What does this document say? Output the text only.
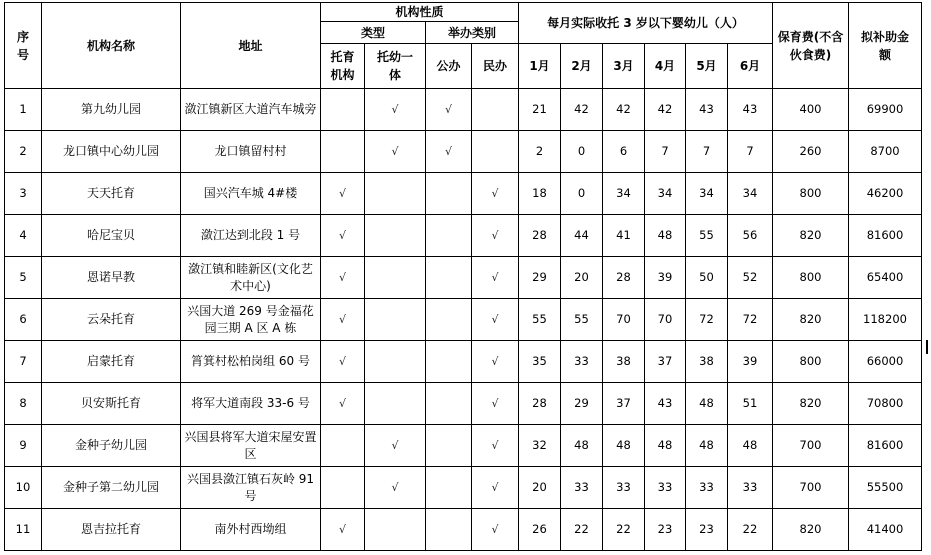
序号	机构名称	地址	机构性质				每月实际收托 3 岁以下婴幼儿（人）						保育费(不含伙食费)	拟补助金额
			类型		举办类别									
			托育机构	托幼一体	公办	民办	1月	2月	3月	4月	5月	6月		
1	第九幼儿园	潋江镇新区大道汽车城旁		√	√		21	42	42	42	43	43	400	69900
2	龙口镇中心幼儿园	龙口镇留村村		√	√		2	0	6	7	7	7	260	8700
3	天天托育	国兴汽车城 4#楼	√			√	18	0	34	34	34	34	800	46200
4	哈尼宝贝	潋江达到北段 1 号	√			√	28	44	41	48	55	56	820	81600
5	恩诺早教	潋江镇和睦新区(文化艺术中心)	√			√	29	20	28	39	50	52	800	65400
6	云朵托育	兴国大道 269 号金福花园三期 A 区 A 栋	√			√	55	55	70	70	72	72	820	118200
7	启蒙托育	筲箕村松柏岗组 60 号	√			√	35	33	38	37	38	39	800	66000
8	贝安斯托育	将军大道南段 33-6 号	√			√	28	29	37	43	48	51	820	70800
9	金种子幼儿园	兴国县将军大道宋屋安置区		√		√	32	48	48	48	48	48	700	81600
10	金种子第二幼儿园	兴国县潋江镇石灰岭 91 号		√		√	20	33	33	33	33	33	700	55500
11	恩吉拉托育	南外村西坳组	√			√	26	22	22	23	23	22	820	41400
